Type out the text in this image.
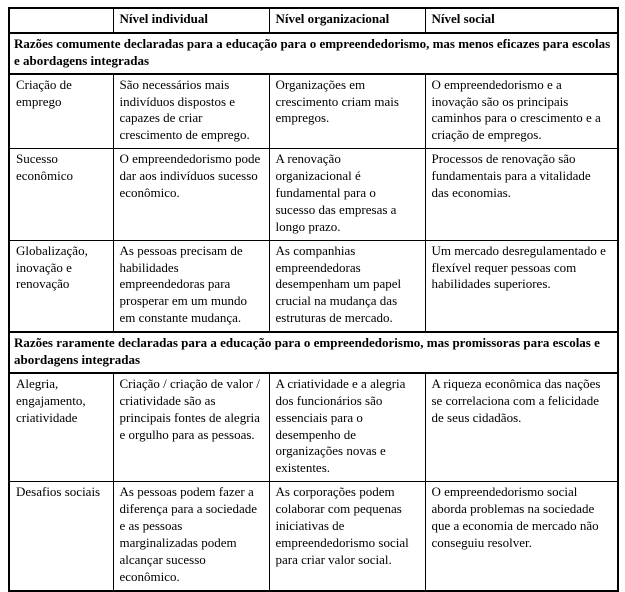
	Nível individual	Nível organizacional	Nível social
Razões comumente declaradas para a educação para o empreendedorismo, mas menos eficazes para escolas e abordagens integradas			
Criação de emprego	São necessários mais indivíduos dispostos e capazes de criar crescimento de emprego.	Organizações em crescimento criam mais empregos.	O empreendedorismo e a inovação são os principais caminhos para o crescimento e a criação de empregos.
Sucesso econômico	O empreendedorismo pode dar aos indivíduos sucesso econômico.	A renovação organizacional é fundamental para o sucesso das empresas a longo prazo.	Processos de renovação são fundamentais para a vitalidade das economias.
Globalização, inovação e renovação	As pessoas precisam de habilidades empreendedoras para prosperar em um mundo em constante mudança.	As companhias empreendedoras desempenham um papel crucial na mudança das estruturas de mercado.	Um mercado desregulamentado e flexível requer pessoas com habilidades superiores.
Razões raramente declaradas para a educação para o empreendedorismo, mas promissoras para escolas e abordagens integradas			
Alegria, engajamento, criatividade	Criação / criação de valor / criatividade são as principais fontes de alegria e orgulho para as pessoas.	A criatividade e a alegria dos funcionários são essenciais para o desempenho de organizações novas e existentes.	A riqueza econômica das nações se correlaciona com a felicidade de seus cidadãos.
Desafios sociais	As pessoas podem fazer a diferença para a sociedade e as pessoas marginalizadas podem alcançar sucesso econômico.	As corporações podem colaborar com pequenas iniciativas de empreendedorismo social para criar valor social.	O empreendedorismo social aborda problemas na sociedade que a economia de mercado não conseguiu resolver.
